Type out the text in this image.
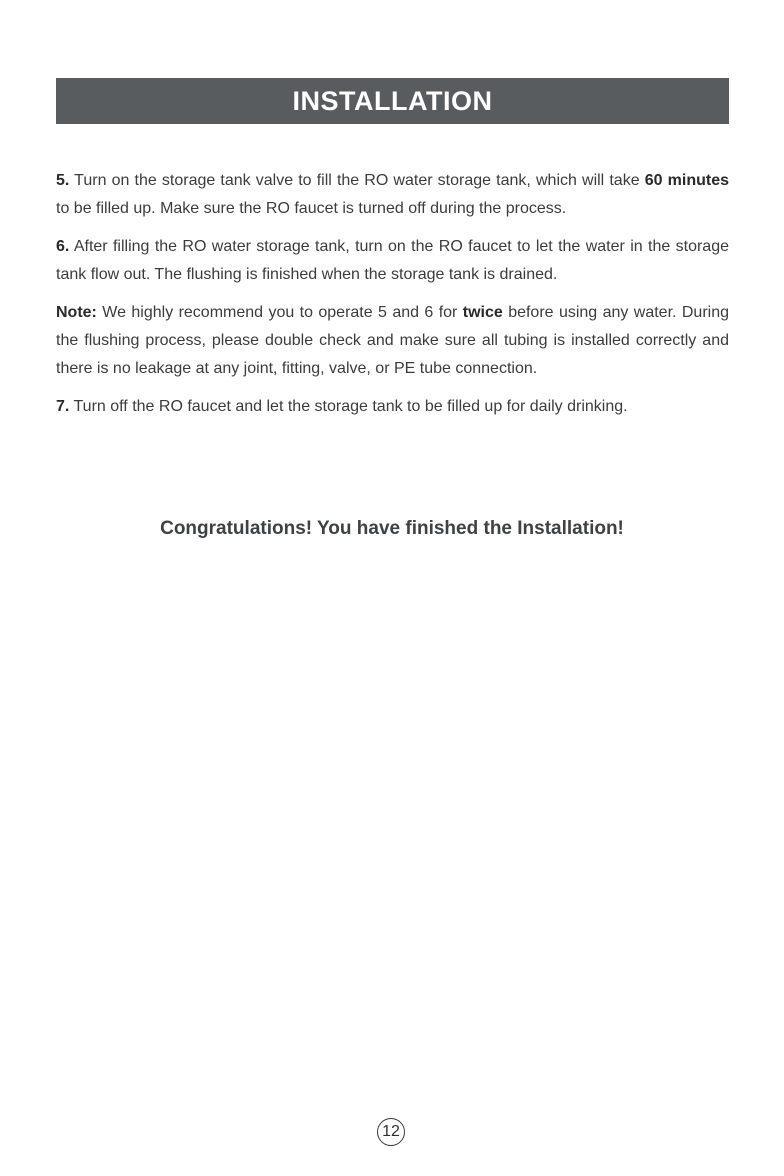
INSTALLATION

5. Turn on the storage tank valve to fill the RO water storage tank, which will take 60 minutes to be filled up. Make sure the RO faucet is turned off during the process.

6. After filling the RO water storage tank, turn on the RO faucet to let the water in the storage tank flow out. The flushing is finished when the storage tank is drained.

Note: We highly recommend you to operate 5 and 6 for twice before using any water. During the flushing process, please double check and make sure all tubing is installed correctly and there is no leakage at any joint, fitting, valve, or PE tube connection.

7. Turn off the RO faucet and let the storage tank to be filled up for daily drinking.

Congratulations! You have finished the Installation!
12
